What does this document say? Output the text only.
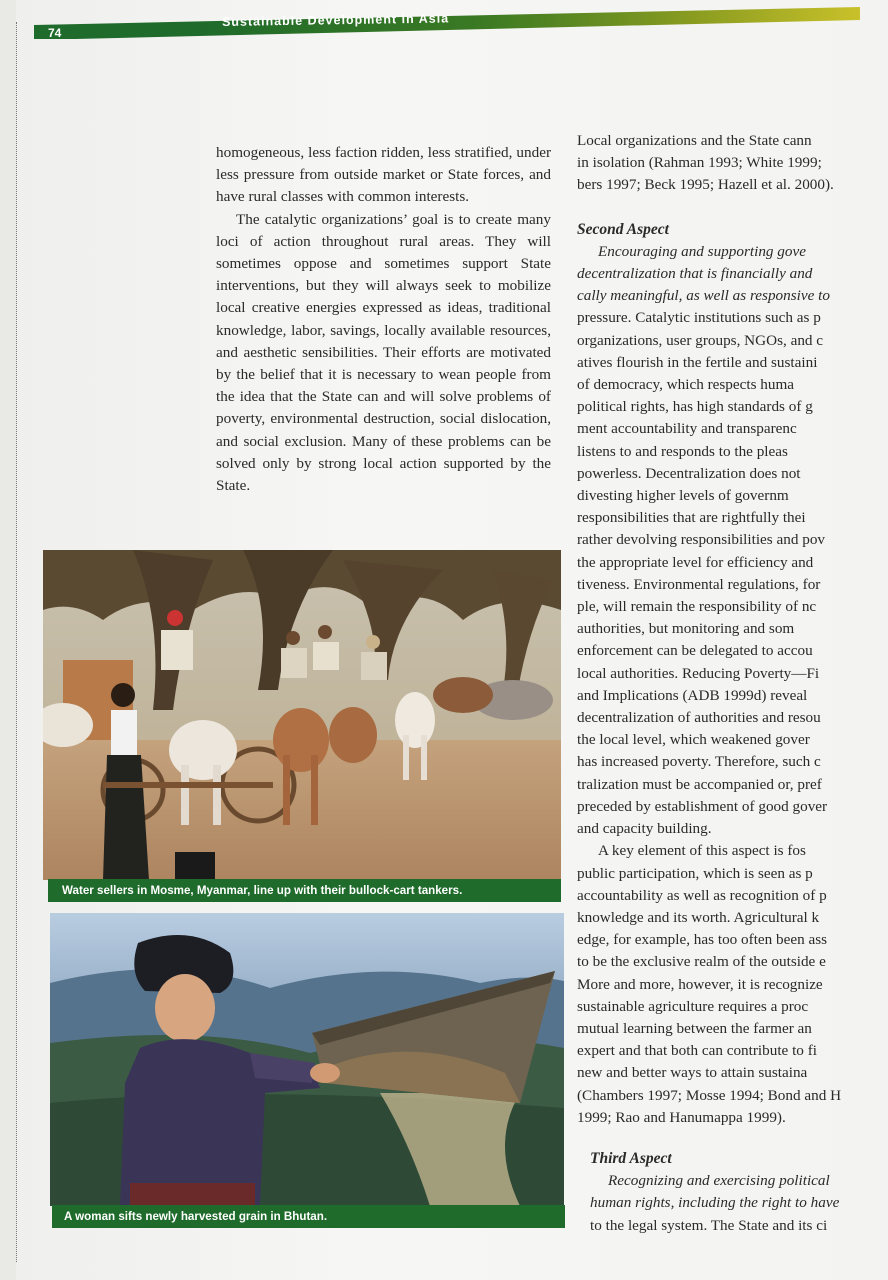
74
Sustainable Development in Asia

homogeneous, less faction ridden, less stratified, under less pressure from outside market or State forces, and have rural classes with common interests.

The catalytic organizations’ goal is to create many loci of action throughout rural areas. They will sometimes oppose and sometimes support State interventions, but they will always seek to mobilize local creative energies expressed as ideas, traditional knowledge, labor, savings, locally available resources, and aesthetic sensibilities. Their efforts are motivated by the belief that it is necessary to wean people from the idea that the State can and will solve problems of poverty, environmental destruction, social dislocation, and social exclusion. Many of these problems can be solved only by strong local action supported by the State.

Local organizations and the State cann
in isolation (Rahman 1993; White 1999;
bers 1997; Beck 1995; Hazell et al. 2000).
Second Aspect
Encouraging and supporting gove
decentralization that is financially and
cally meaningful, as well as responsive to
pressure. Catalytic institutions such as p
organizations, user groups, NGOs, and c
atives flourish in the fertile and sustaini
of democracy, which respects huma
political rights, has high standards of g
ment accountability and transparenc
listens to and responds to the pleas
powerless. Decentralization does not
divesting higher levels of governm
responsibilities that are rightfully thei
rather devolving responsibilities and pov
the appropriate level for efficiency and
tiveness. Environmental regulations, for
ple, will remain the responsibility of nc
authorities, but monitoring and som
enforcement can be delegated to accou
local authorities. Reducing Poverty—Fi
and Implications (ADB 1999d) reveal
decentralization of authorities and resou
the local level, which weakened gover
has increased poverty. Therefore, such c
tralization must be accompanied or, pref
preceded by establishment of good gover
and capacity building.
A key element of this aspect is fos
public participation, which is seen as p
accountability as well as recognition of p
knowledge and its worth. Agricultural k
edge, for example, has too often been ass
to be the exclusive realm of the outside e
More and more, however, it is recognize
sustainable agriculture requires a proc
mutual learning between the farmer an
expert and that both can contribute to fi
new and better ways to attain sustaina
(Chambers 1997; Mosse 1994; Bond and H
1999; Rao and Hanumappa 1999).
Third Aspect
Recognizing and exercising political
human rights, including the right to have
to the legal system. The State and its ci
Water sellers in Mosme, Myanmar, line up with their bullock-cart tankers.
A woman sifts newly harvested grain in Bhutan.
